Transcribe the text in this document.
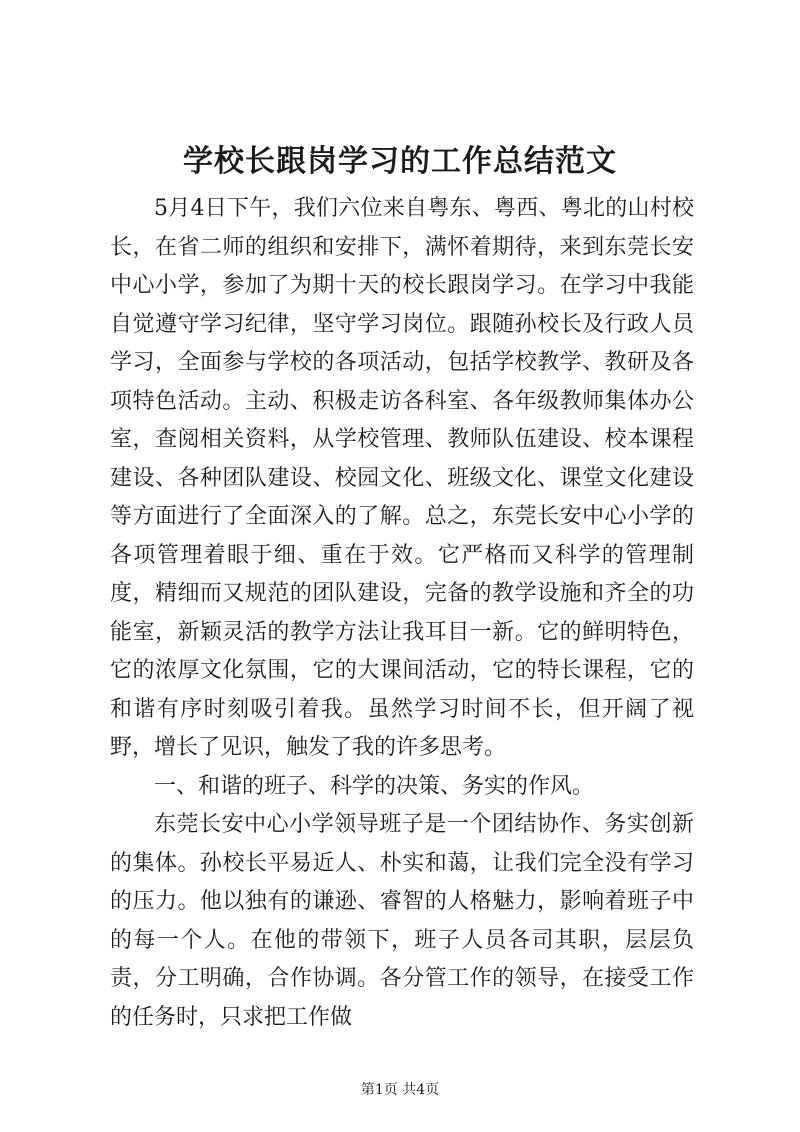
学校长跟岗学习的工作总结范文

5月4日下午，我们六位来自粤东、粤西、粤北的山村校长，在省二师的组织和安排下，满怀着期待，来到东莞长安中心小学，参加了为期十天的校长跟岗学习。在学习中我能自觉遵守学习纪律，坚守学习岗位。跟随孙校长及行政人员学习，全面参与学校的各项活动，包括学校教学、教研及各项特色活动。主动、积极走访各科室、各年级教师集体办公室，查阅相关资料，从学校管理、教师队伍建设、校本课程建设、各种团队建设、校园文化、班级文化、课堂文化建设等方面进行了全面深入的了解。总之，东莞长安中心小学的各项管理着眼于细、重在于效。它严格而又科学的管理制度，精细而又规范的团队建设，完备的教学设施和齐全的功能室，新颖灵活的教学方法让我耳目一新。它的鲜明特色，它的浓厚文化氛围，它的大课间活动，它的特长课程，它的和谐有序时刻吸引着我。虽然学习时间不长，但开阔了视野，增长了见识，触发了我的许多思考。

一、和谐的班子、科学的决策、务实的作风。

东莞长安中心小学领导班子是一个团结协作、务实创新的集体。孙校长平易近人、朴实和蔼，让我们完全没有学习的压力。他以独有的谦逊、睿智的人格魅力，影响着班子中的每一个人。在他的带领下，班子人员各司其职，层层负责，分工明确，合作协调。各分管工作的领导，在接受工作的任务时，只求把工作做

第1页 共4页
